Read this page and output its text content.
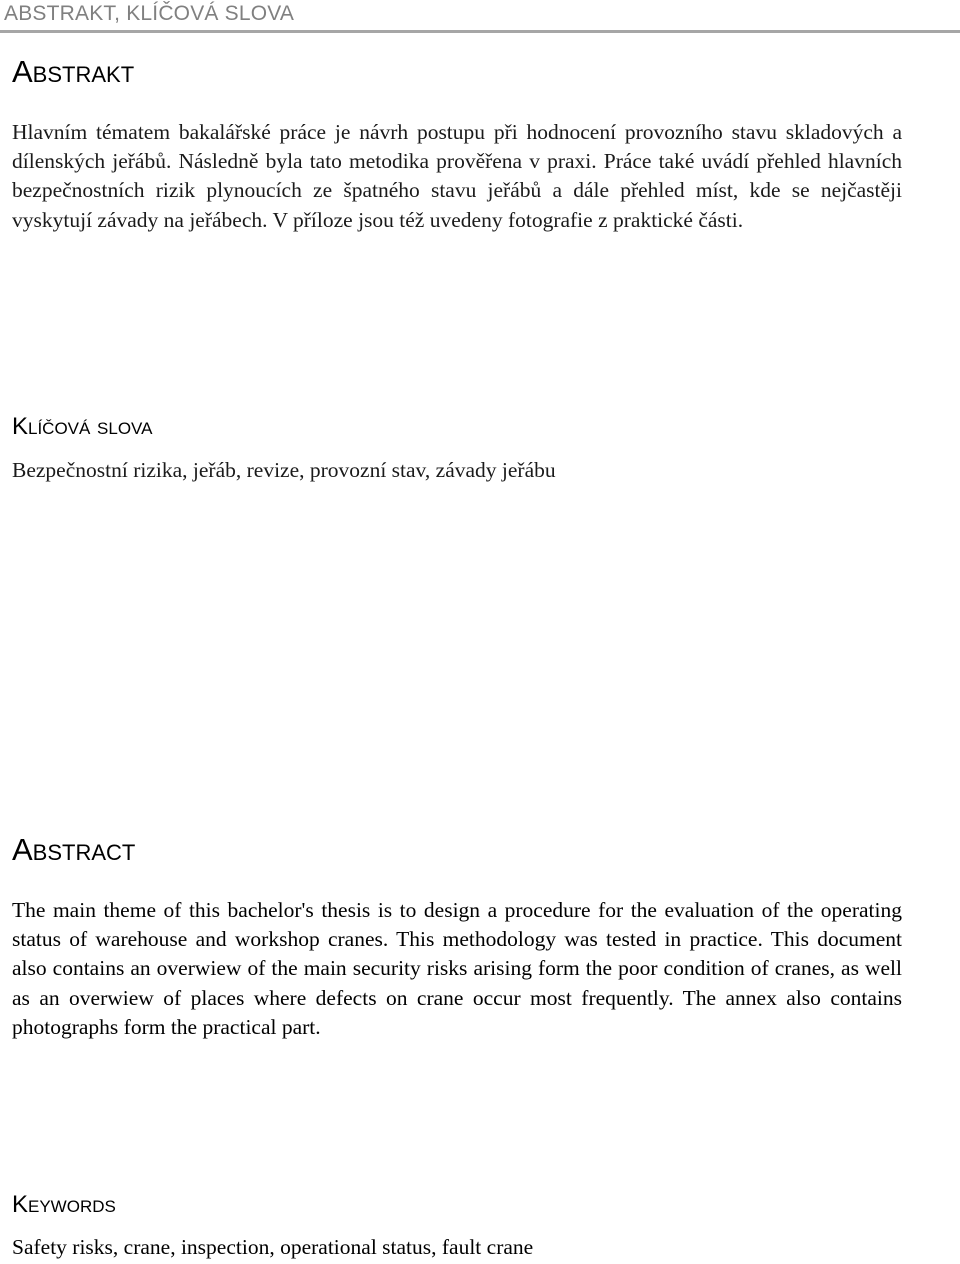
ABSTRAKT, KLÍČOVÁ SLOVA
Abstrakt

Hlavním tématem bakalářské práce je návrh postupu při hodnocení provozního stavu skladových a dílenských jeřábů. Následně byla tato metodika prověřena v praxi. Práce také uvádí přehled hlavních bezpečnostních rizik plynoucích ze špatného stavu jeřábů a dále přehled míst, kde se nejčastěji vyskytují závady na jeřábech. V příloze jsou též uvedeny fotografie z praktické části.

Klíčová slova

Bezpečnostní rizika, jeřáb, revize, provozní stav, závady jeřábu

Abstract

The main theme of this bachelor's thesis is to design a procedure for the evaluation of the operating status of warehouse and workshop cranes. This methodology was tested in practice. This document also contains an overwiew of the main security risks arising form the poor condition of cranes, as well as an overwiew of places where defects on crane occur most frequently. The annex also contains photographs form the practical part.

Keywords

Safety risks, crane, inspection, operational status, fault crane
